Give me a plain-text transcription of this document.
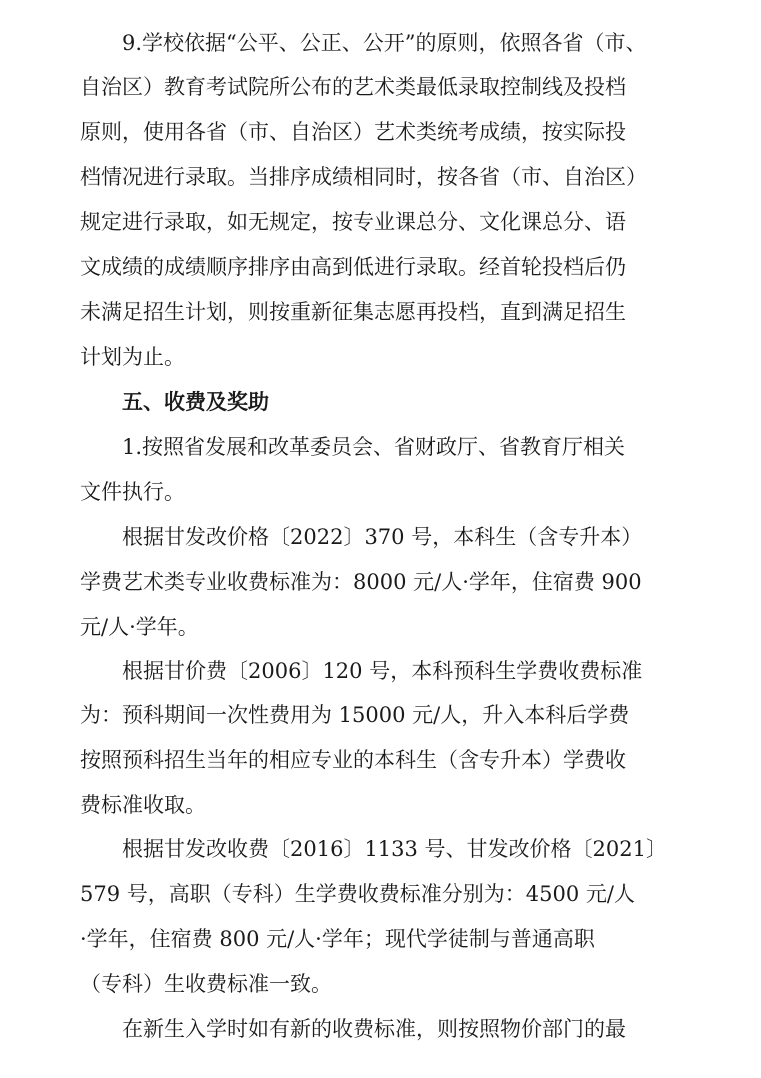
9.学校依据“公平、公正、公开”的原则，依照各省（市、
自治区）教育考试院所公布的艺术类最低录取控制线及投档
原则，使用各省（市、自治区）艺术类统考成绩，按实际投
档情况进行录取。当排序成绩相同时，按各省（市、自治区）
规定进行录取，如无规定，按专业课总分、文化课总分、语
文成绩的成绩顺序排序由高到低进行录取。经首轮投档后仍
未满足招生计划，则按重新征集志愿再投档，直到满足招生
计划为止。
五、收费及奖助
1.按照省发展和改革委员会、省财政厅、省教育厅相关
文件执行。
根据甘发改价格〔2022〕370 号，本科生（含专升本）
学费艺术类专业收费标准为：8000 元/人·学年，住宿费 900
元/人·学年。
根据甘价费〔2006〕120 号，本科预科生学费收费标准
为：预科期间一次性费用为 15000 元/人，升入本科后学费
按照预科招生当年的相应专业的本科生（含专升本）学费收
费标准收取。
根据甘发改收费〔2016〕1133 号、甘发改价格〔2021〕
579 号，高职（专科）生学费收费标准分别为：4500 元/人
·学年，住宿费 800 元/人·学年；现代学徒制与普通高职
（专科）生收费标准一致。
在新生入学时如有新的收费标准，则按照物价部门的最
